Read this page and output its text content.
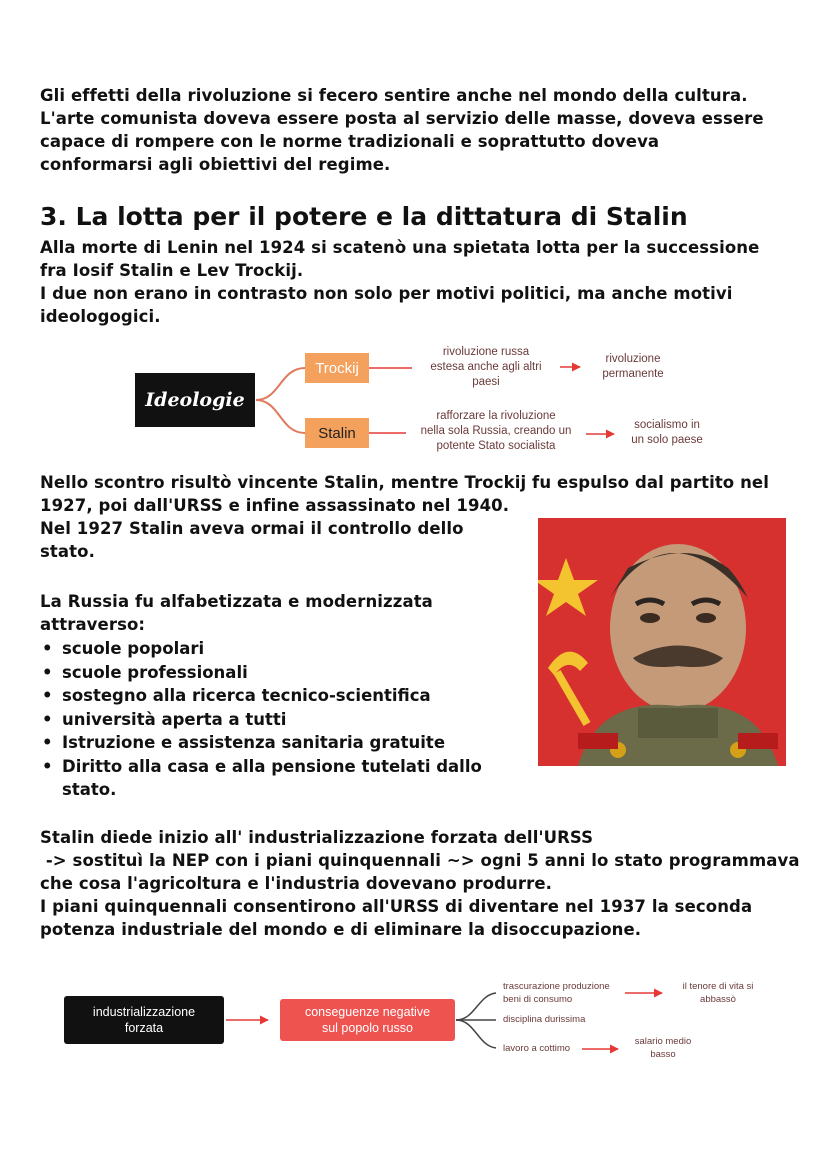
Gli effetti della rivoluzione si fecero sentire anche nel mondo della cultura.
L'arte comunista doveva essere posta al servizio delle masse, doveva essere
capace di rompere con le norme tradizionali e soprattutto doveva
conformarsi agli obiettivi del regime.
3. La lotta per il potere e la dittatura di Stalin
Alla morte di Lenin nel 1924 si scatenò una spietata lotta per la successione
fra Iosif Stalin e Lev Trockij.
I due non erano in contrasto non solo per motivi politici, ma anche motivi
ideologogici.
Ideologie
Trockij
Stalin
rivoluzione russa
estesa anche agli altri
paesi
rivoluzione
permanente
rafforzare la rivoluzione
nella sola Russia, creando un
potente Stato socialista
socialismo in
un solo paese
Nello scontro risultò vincente Stalin, mentre Trockij fu espulso dal partito nel
1927, poi dall'URSS e infine assassinato nel 1940.
Nel 1927 Stalin aveva ormai il controllo dello
stato.
La Russia fu alfabetizzata e modernizzata
attraverso:
• scuole popolari
• scuole professionali
• sostegno alla ricerca tecnico-scientifica
• università aperta a tutti
• Istruzione e assistenza sanitaria gratuite
• Diritto alla casa e alla pensione tutelati dallo stato.
Stalin diede inizio all' industrializzazione forzata dell'URSS
-> sostituì la NEP con i piani quinquennali ~> ogni 5 anni lo stato programmava
che cosa l'agricoltura e l'industria dovevano produrre.
I piani quinquennali consentirono all'URSS di diventare nel 1937 la seconda
potenza industriale del mondo e di eliminare la disoccupazione.
industrializzazione
forzata
conseguenze negative
sul popolo russo
trascurazione produzione
beni di consumo
il tenore di vita si
abbassò
disciplina durissima
lavoro a cottimo
salario medio
basso
